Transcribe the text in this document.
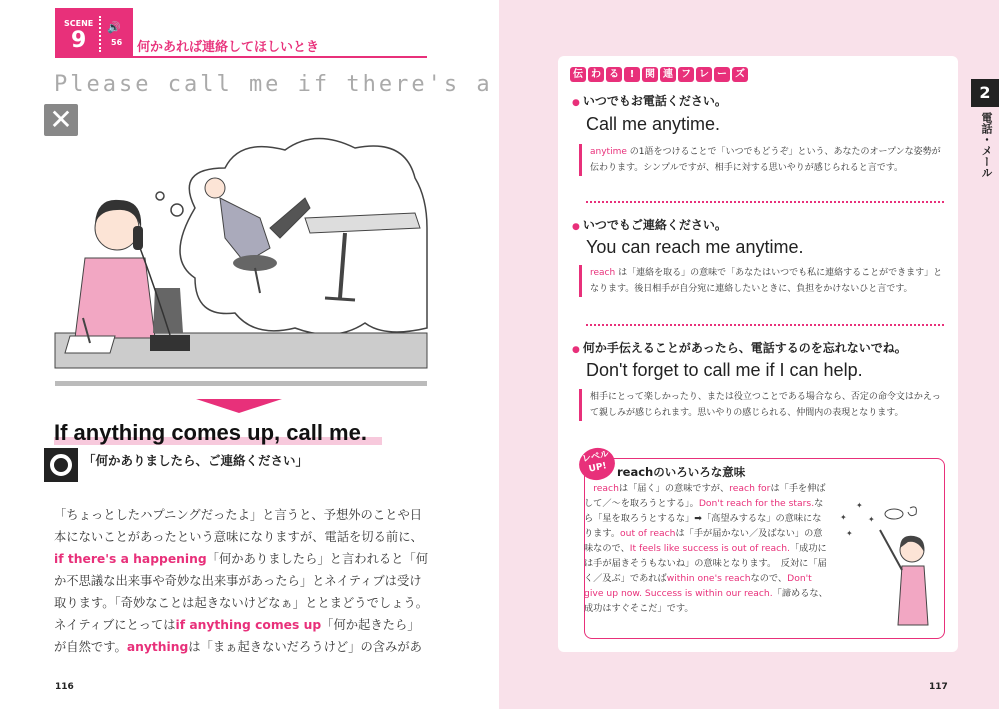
SCENE
9
🔊
56 何かあれば連絡してほしいとき
Please call me if there's a
✕
If anything comes up, call me.
「何かありましたら、ご連絡ください」
「ちょっとしたハプニングだったよ」と言うと、予想外のことや日本にないことがあったという意味になりますが、電話を切る前に、if there's a happening「何かありましたら」と言われると「何か不思議な出来事や奇妙な出来事があったら」とネイティブは受け取ります。「奇妙なことは起きないけどなぁ」ととまどうでしょう。　ネイティブにとってはif anything comes up「何か起きたら」が自然です。anythingは「まぁ起きないだろうけど」の含みがあ
116
伝 わ る	!	関 連 フ レ ー ズ
● いつでもお電話ください。
Call me anytime.
anytime の1語をつけることで「いつでもどうぞ」という、あなたのオープンな姿勢が伝わります。シンプルですが、相手に対する思いやりが感じられると言です。
● いつでもご連絡ください。
You can reach me anytime.
reach は「連絡を取る」の意味で「あなたはいつでも私に連絡することができます」となります。後日相手が自分宛に連絡したいときに、負担をかけないひと言です。
● 何か手伝えることがあったら、電話するのを忘れないでね。
Don't forget to call me if I can help.
相手にとって楽しかったり、または役立つことである場合なら、否定の命令文はかえって親しみが感じられます。思いやりの感じられる、仲間内の表現となります。
レベルUP! reachのいろいろな意味
　reachは「届く」の意味ですが、reach forは「手を伸ばして／～を取ろうとする」。Don't reach for the stars.なら「星を取ろうとするな」➡「高望みするな」の意味になります。out of reachは「手が届かない／及ばない」の意味なので、It feels like success is out of reach.「成功には手が届きそうもないね」の意味となります。　反対に「届く／及ぶ」であればwithin one's reachなので、Don't give up now. Success is within our reach.「諦めるな、成功はすぐそこだ」です。
✦
✦
✦
✦
2
電話・メール
117
